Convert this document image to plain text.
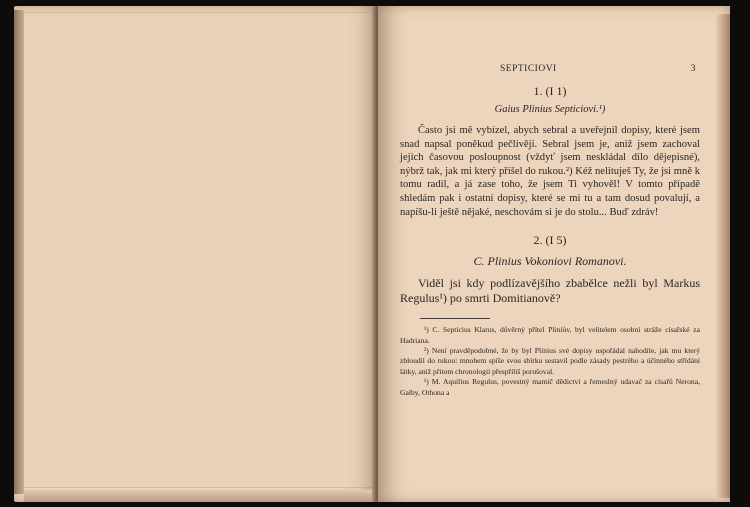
SEPTICIOVI	3
1. (I 1)
Gaius Plinius Septiciovi.¹)

Často jsi mě vybízel, abych sebral a uveřejnil dopisy, které jsem snad napsal poněkud pečlivěji. Sebral jsem je, aniž jsem zachoval jejich časovou posloupnost (vždyť jsem neskládal dílo dějepisné), nýbrž tak, jak mi který přišel do rukou.²) Kéž nelituješ Ty, že jsi mně k tomu radil, a já zase toho, že jsem Ti vyhověl! V tomto případě shledám pak i ostatní dopisy, které se mi tu a tam dosud povalují, a napíšu-li ještě nějaké, neschovám si je do stolu... Buď zdráv!

2. (I 5)
C. Plinius Vokoniovi Romanovi.

Viděl jsi kdy podlízavějšího zbabělce nežli byl Markus Regulus¹) po smrti Domitianově?

¹) C. Septicius Klarus, důvěrný přítel Pliniův, byl velitelem osobní stráže císařské za Hadriana.

²) Není pravděpodobné, že by byl Plinius své dopisy uspořádal nahodile, jak mu který zbloudil do rukou: mnohem spíše svou sbírku sestavil podle zásady pestrého a účinného střídání látky, aniž přitom chronologii přespříliš porušoval.

¹) M. Aquilius Regulus, povestný mamič dědictví a řemeslný udavač za císařů Nerona, Galby, Othona a
